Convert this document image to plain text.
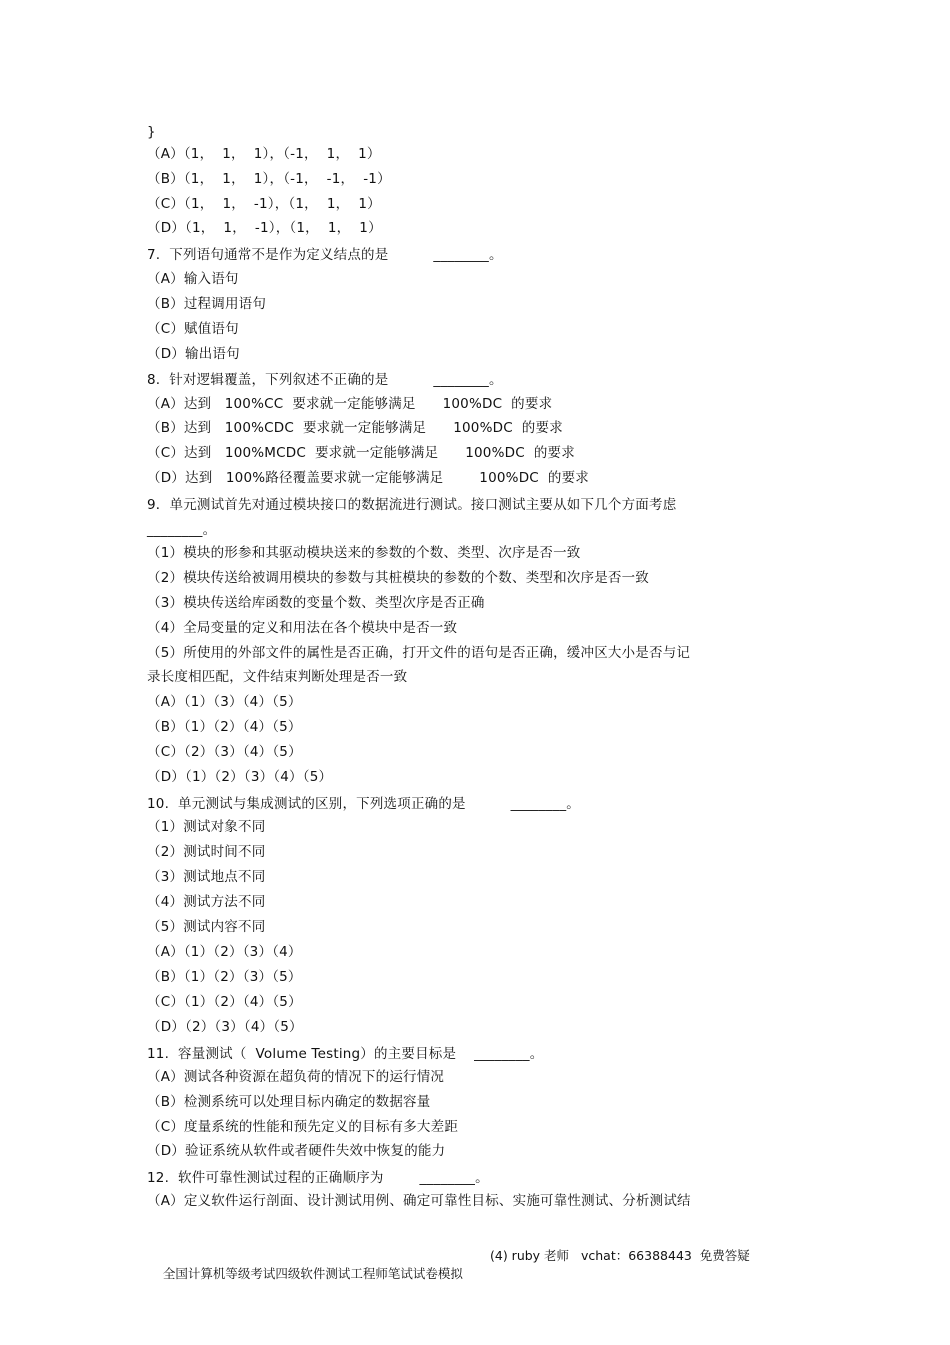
}
（A）（1，  1，  1），（-1，  1，  1）
（B）（1，  1，  1），（-1，  -1，  -1）
（C）（1，  1，  -1），（1，  1，  1）
（D）（1，  1，  -1），（1，  1，  1）
7.  下列语句通常不是作为定义结点的是          ________。
（A）输入语句
（B）过程调用语句
（C）赋值语句
（D）输出语句
8.  针对逻辑覆盖，下列叙述不正确的是          ________。
（A）达到   100%CC  要求就一定能够满足      100%DC  的要求
（B）达到   100%CDC  要求就一定能够满足      100%DC  的要求
（C）达到   100%MCDC  要求就一定能够满足      100%DC  的要求
（D）达到   100%路径覆盖要求就一定能够满足        100%DC  的要求
9．单元测试首先对通过模块接口的数据流进行测试。接口测试主要从如下几个方面考虑
________。
（1）模块的形参和其驱动模块送来的参数的个数、类型、次序是否一致
（2）模块传送给被调用模块的参数与其桩模块的参数的个数、类型和次序是否一致
（3）模块传送给库函数的变量个数、类型次序是否正确
（4）全局变量的定义和用法在各个模块中是否一致
（5）所使用的外部文件的属性是否正确，打开文件的语句是否正确，缓冲区大小是否与记
录长度相匹配，文件结束判断处理是否一致
（A）（1）（3）（4）（5）
（B）（1）（2）（4）（5）
（C）（2）（3）（4）（5）
（D）（1）（2）（3）（4）（5）
10.  单元测试与集成测试的区别，下列选项正确的是          ________。
（1）测试对象不同
（2）测试时间不同
（3）测试地点不同
（4）测试方法不同
（5）测试内容不同
（A）（1）（2）（3）（4）
（B）（1）（2）（3）（5）
（C）（1）（2）（4）（5）
（D）（2）（3）（4）（5）
11.  容量测试（  Volume Testing）的主要目标是    ________。
（A）测试各种资源在超负荷的情况下的运行情况
（B）检测系统可以处理目标内确定的数据容量
（C）度量系统的性能和预先定义的目标有多大差距
（D）验证系统从软件或者硬件失效中恢复的能力
12.  软件可靠性测试过程的正确顺序为        ________。
（A）定义软件运行剖面、设计测试用例、确定可靠性目标、实施可靠性测试、分析测试结

全国计算机等级考试四级软件测试工程师笔试试卷模拟

(4) ruby 老师   vchat：66388443  免费答疑
